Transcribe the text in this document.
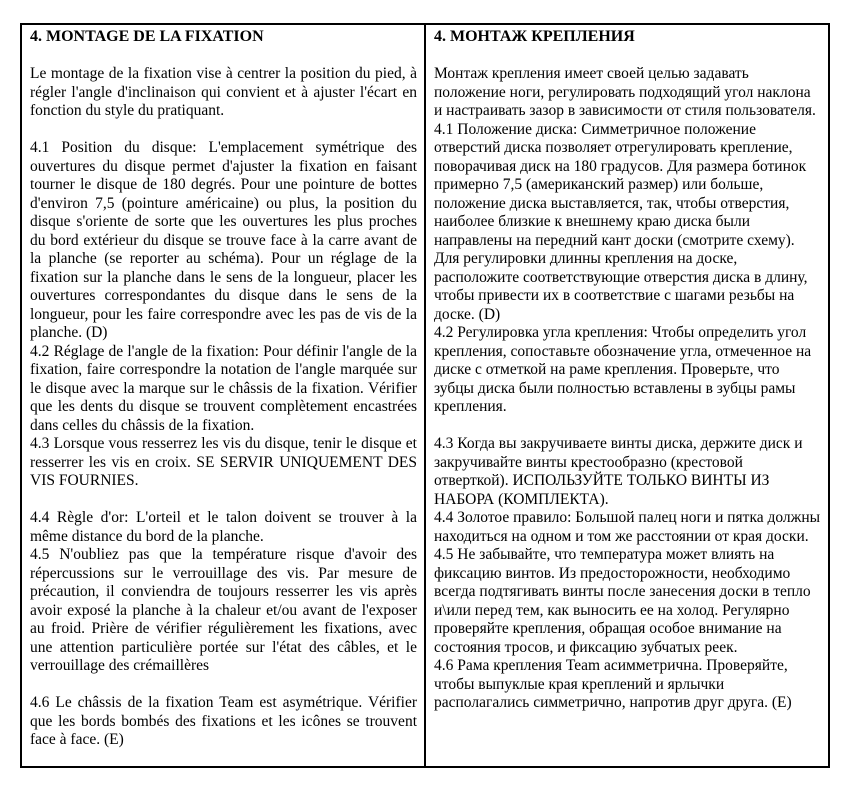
4. MONTAGE DE LA FIXATION

Le montage de la fixation vise à centrer la position du pied, à régler l'angle d'inclinaison qui convient et à ajuster l'écart en fonction du style du pratiquant.

4.1 Position du disque: L'emplacement symétrique des ouvertures du disque permet d'ajuster la fixation en faisant tourner le disque de 180 degrés. Pour une pointure de bottes d'environ 7,5 (pointure américaine) ou plus, la position du disque s'oriente de sorte que les ouvertures les plus proches du bord extérieur du disque se trouve face à la carre avant de la planche (se reporter au schéma). Pour un réglage de la fixation sur la planche dans le sens de la longueur, placer les ouvertures correspondantes du disque dans le sens de la longueur, pour les faire correspondre avec les pas de vis de la planche. (D)

4.2 Réglage de l'angle de la fixation: Pour définir l'angle de la fixation, faire correspondre la notation de l'angle marquée sur le disque avec la marque sur le châssis de la fixation. Vérifier que les dents du disque se trouvent complètement encastrées dans celles du châssis de la fixation.

4.3 Lorsque vous resserrez les vis du disque, tenir le disque et resserrer les vis en croix. SE SERVIR UNIQUEMENT DES VIS FOURNIES.

4.4 Règle d'or: L'orteil et le talon doivent se trouver à la même distance du bord de la planche.

4.5 N'oubliez pas que la température risque d'avoir des répercussions sur le verrouillage des vis. Par mesure de précaution, il conviendra de toujours resserrer les vis après avoir exposé la planche à la chaleur et/ou avant de l'exposer au froid. Prière de vérifier régulièrement les fixations, avec une attention particulière portée sur l'état des câbles, et le verrouillage des crémaillères

4.6 Le châssis de la fixation Team est asymétrique. Vérifier que les bords bombés des fixations et les icônes se trouvent face à face. (E)

4. МОНТАЖ КРЕПЛЕНИЯ

Монтаж крепления имеет своей целью задавать положение ноги, регулировать подходящий угол наклона и настраивать зазор в зависимости от стиля пользователя.

4.1 Положение диска: Симметричное положение отверстий диска позволяет отрегулировать крепление, поворачивая диск на 180 градусов. Для размера ботинок примерно 7,5 (американский размер) или больше, положение диска выставляется, так, чтобы отверстия, наиболее близкие к внешнему краю диска были направлены на передний кант доски (смотрите схему). Для регулировки длинны крепления на доске, расположите соответствующие отверстия диска в длину, чтобы привести их в соответствие с шагами резьбы на доске. (D)

4.2 Регулировка угла крепления: Чтобы определить угол крепления, сопоставьте обозначение угла, отмеченное на диске с отметкой на раме крепления. Проверьте, что зубцы диска были полностью вставлены в зубцы рамы крепления.

4.3 Когда вы закручиваете винты диска, держите диск и закручивайте винты крестообразно (крестовой отверткой). ИСПОЛЬЗУЙТЕ ТОЛЬКО ВИНТЫ ИЗ НАБОРА (КОМПЛЕКТА).

4.4 Золотое правило: Большой палец ноги и пятка должны находиться на одном и том же расстоянии от края доски.

4.5 Не забывайте, что температура может влиять на фиксацию винтов. Из предосторожности, необходимо всегда подтягивать винты после занесения доски в тепло и\или перед тем, как выносить ее на холод. Регулярно проверяйте крепления, обращая особое внимание на состояния тросов, и фиксацию зубчатых реек.

4.6 Рама крепления Team асимметрична. Проверяйте, чтобы выпуклые края креплений и ярлычки располагались симметрично, напротив друг друга. (E)
